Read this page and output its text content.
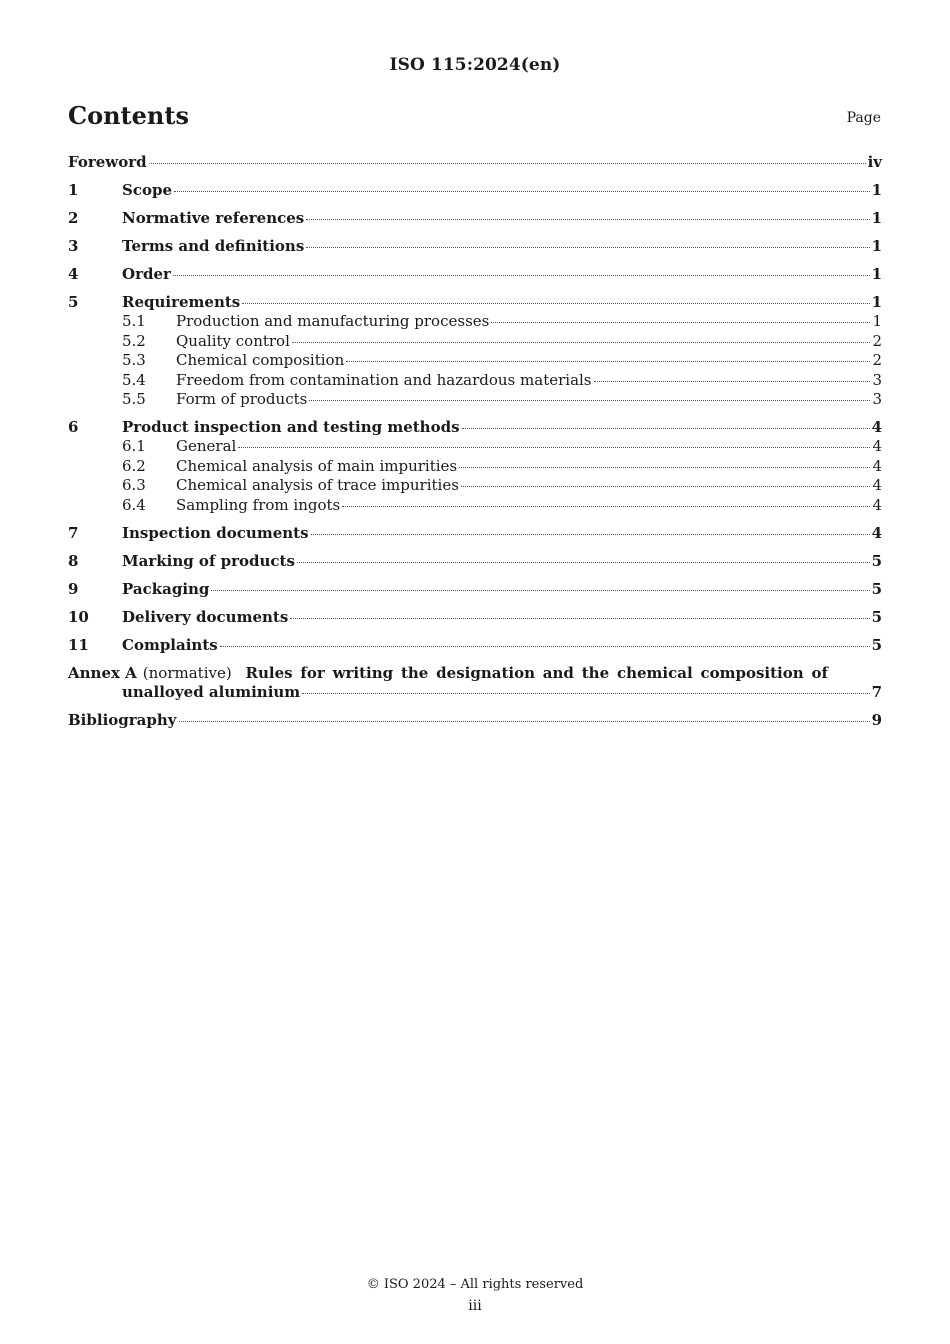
ISO 115:2024(en)
Contents	Page
Foreword	iv
1	Scope	1
2	Normative references	1
3	Terms and definitions	1
4	Order	1
5	Requirements	1
5.1	Production and manufacturing processes	1
5.2	Quality control	2
5.3	Chemical composition	2
5.4	Freedom from contamination and hazardous materials	3
5.5	Form of products	3
6	Product inspection and testing methods	4
6.1	General	4
6.2	Chemical analysis of main impurities	4
6.3	Chemical analysis of trace impurities	4
6.4	Sampling from ingots	4
7	Inspection documents	4
8	Marking of products	5
9	Packaging	5
10	Delivery documents	5
11	Complaints	5
Annex A (normative) Rules for writing the designation and the chemical composition of
unalloyed aluminium	7
Bibliography	9
© ISO 2024 – All rights reserved
iii
